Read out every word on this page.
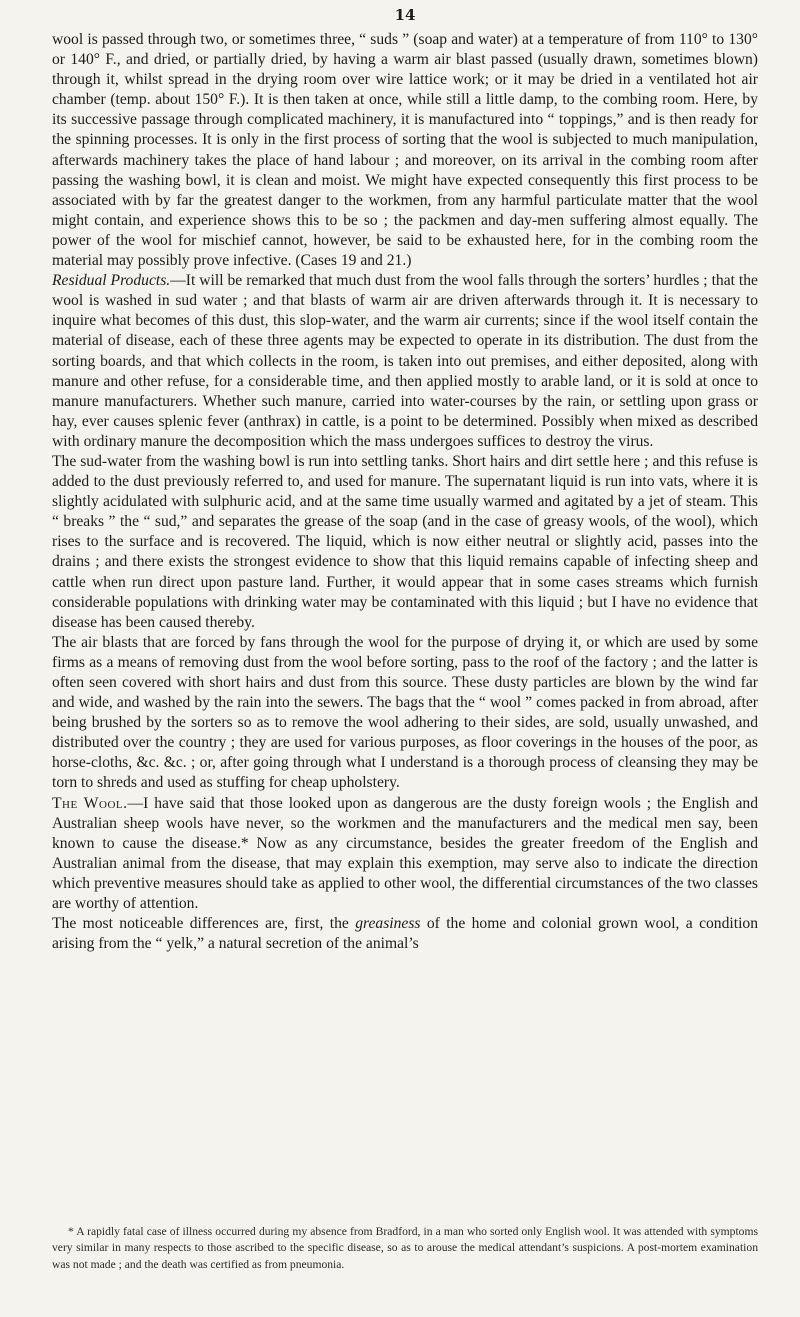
14

wool is passed through two, or sometimes three, “ suds ” (soap and water) at a temperature of from 110° to 130° or 140° F., and dried, or partially dried, by having a warm air blast passed (usually drawn, sometimes blown) through it, whilst spread in the drying room over wire lattice work; or it may be dried in a ventilated hot air chamber (temp. about 150° F.). It is then taken at once, while still a little damp, to the combing room. Here, by its successive passage through complicated machinery, it is manufactured into “ toppings,” and is then ready for the spinning processes. It is only in the first process of sorting that the wool is subjected to much manipulation, afterwards machinery takes the place of hand labour ; and moreover, on its arrival in the combing room after passing the washing bowl, it is clean and moist. We might have expected consequently this first process to be associated with by far the greatest danger to the workmen, from any harmful particulate matter that the wool might contain, and experience shows this to be so ; the packmen and day-men suffering almost equally. The power of the wool for mischief cannot, however, be said to be exhausted here, for in the combing room the material may possibly prove infective. (Cases 19 and 21.)

Residual Products.—It will be remarked that much dust from the wool falls through the sorters’ hurdles ; that the wool is washed in sud water ; and that blasts of warm air are driven afterwards through it. It is necessary to inquire what becomes of this dust, this slop-water, and the warm air currents; since if the wool itself contain the material of disease, each of these three agents may be expected to operate in its distribution. The dust from the sorting boards, and that which collects in the room, is taken into out premises, and either deposited, along with manure and other refuse, for a considerable time, and then applied mostly to arable land, or it is sold at once to manure manufacturers. Whether such manure, carried into water-courses by the rain, or settling upon grass or hay, ever causes splenic fever (anthrax) in cattle, is a point to be determined. Possibly when mixed as described with ordinary manure the decomposition which the mass undergoes suffices to destroy the virus.

The sud-water from the washing bowl is run into settling tanks. Short hairs and dirt settle here ; and this refuse is added to the dust previously referred to, and used for manure. The supernatant liquid is run into vats, where it is slightly acidulated with sulphuric acid, and at the same time usually warmed and agitated by a jet of steam. This “ breaks ” the “ sud,” and separates the grease of the soap (and in the case of greasy wools, of the wool), which rises to the surface and is recovered. The liquid, which is now either neutral or slightly acid, passes into the drains ; and there exists the strongest evidence to show that this liquid remains capable of infecting sheep and cattle when run direct upon pasture land. Further, it would appear that in some cases streams which furnish considerable populations with drinking water may be contaminated with this liquid ; but I have no evidence that disease has been caused thereby.

The air blasts that are forced by fans through the wool for the purpose of drying it, or which are used by some firms as a means of removing dust from the wool before sorting, pass to the roof of the factory ; and the latter is often seen covered with short hairs and dust from this source. These dusty particles are blown by the wind far and wide, and washed by the rain into the sewers. The bags that the “ wool ” comes packed in from abroad, after being brushed by the sorters so as to remove the wool adhering to their sides, are sold, usually unwashed, and distributed over the country ; they are used for various purposes, as floor coverings in the houses of the poor, as horse-cloths, &c. &c. ; or, after going through what I understand is a thorough process of cleansing they may be torn to shreds and used as stuffing for cheap upholstery.

The Wool.—I have said that those looked upon as dangerous are the dusty foreign wools ; the English and Australian sheep wools have never, so the workmen and the manufacturers and the medical men say, been known to cause the disease.* Now as any circumstance, besides the greater freedom of the English and Australian animal from the disease, that may explain this exemption, may serve also to indicate the direction which preventive measures should take as applied to other wool, the differential circumstances of the two classes are worthy of attention.

The most noticeable differences are, first, the greasiness of the home and colonial grown wool, a condition arising from the “ yelk,” a natural secretion of the animal’s

* A rapidly fatal case of illness occurred during my absence from Bradford, in a man who sorted only English wool. It was attended with symptoms very similar in many respects to those ascribed to the specific disease, so as to arouse the medical attendant’s suspicions. A post-mortem examination was not made ; and the death was certified as from pneumonia.
